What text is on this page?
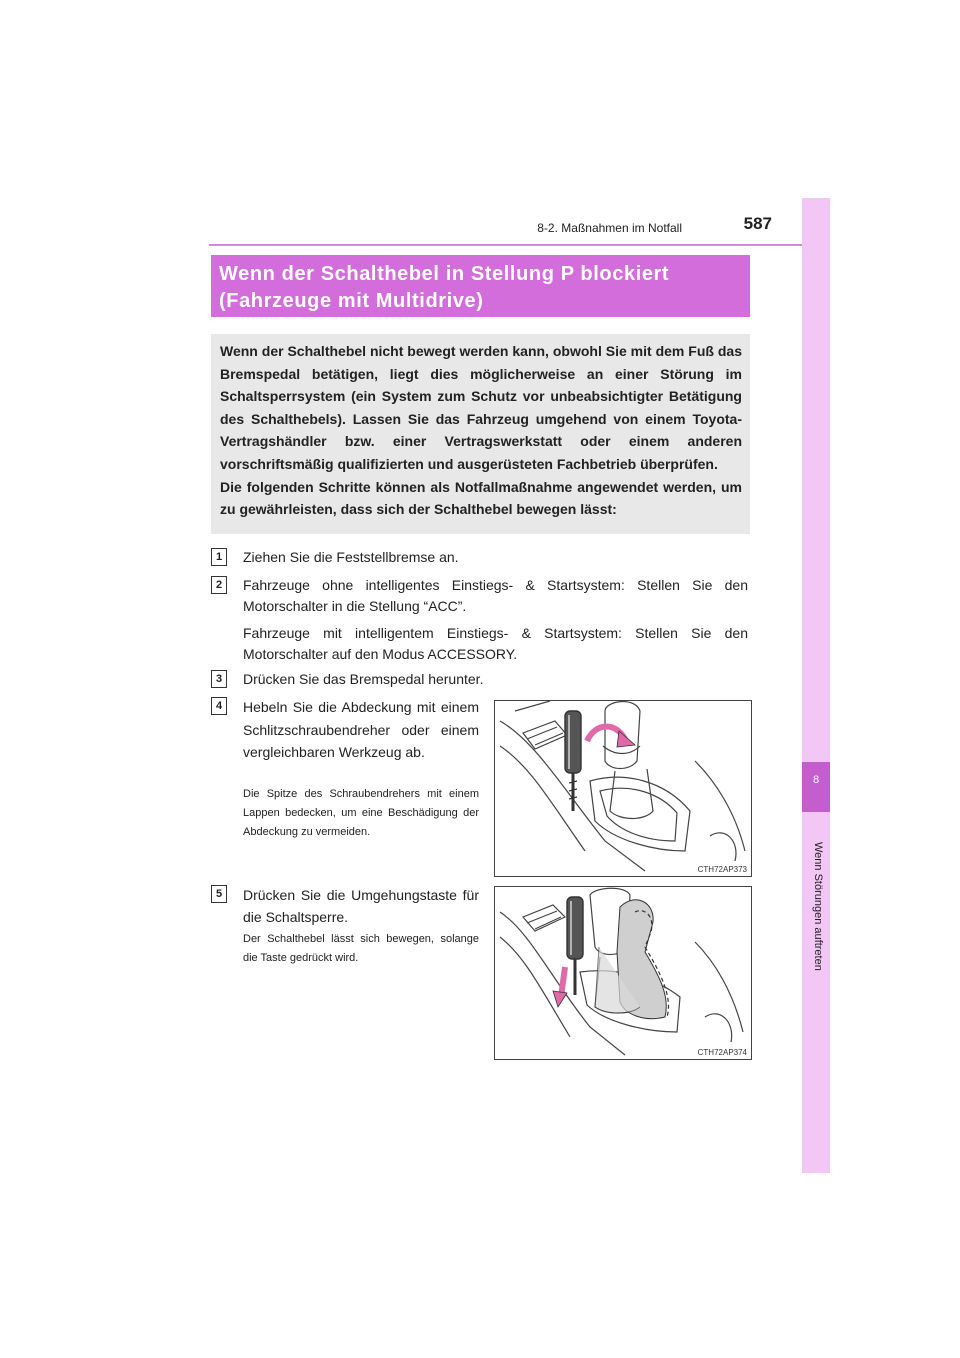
587
8-2. Maßnahmen im Notfall
8
Wenn Störungen auftreten
Wenn der Schalthebel in Stellung P blockiert
(Fahrzeuge mit Multidrive)
Wenn der Schalthebel nicht bewegt werden kann, obwohl Sie mit dem Fuß das Bremspedal betätigen, liegt dies möglicherweise an einer Störung im Schaltsperrsystem (ein System zum Schutz vor unbeabsichtigter Betätigung des Schalthebels). Lassen Sie das Fahrzeug umgehend von einem Toyota-Vertragshändler bzw. einer Vertragswerkstatt oder einem anderen vorschriftsmäßig qualifizierten und ausgerüsteten Fachbetrieb überprüfen.
Die folgenden Schritte können als Notfallmaßnahme angewendet werden, um zu gewährleisten, dass sich der Schalthebel bewegen lässt:
1	Ziehen Sie die Feststellbremse an.
2	Fahrzeuge ohne intelligentes Einstiegs- & Startsystem: Stellen Sie den Motorschalter in die Stellung “ACC”.
Fahrzeuge mit intelligentem Einstiegs- & Startsystem: Stellen Sie den Motorschalter auf den Modus ACCESSORY.
3	Drücken Sie das Bremspedal herunter.
4	Hebeln Sie die Abdeckung mit einem Schlitzschraubendreher oder einem vergleichbaren Werkzeug ab.
Die Spitze des Schraubendrehers mit einem Lappen bedecken, um eine Beschädigung der Abdeckung zu vermeiden.
CTH72AP373
5	Drücken Sie die Umgehungstaste für die Schaltsperre.
Der Schalthebel lässt sich bewegen, solange die Taste gedrückt wird.
CTH72AP374
